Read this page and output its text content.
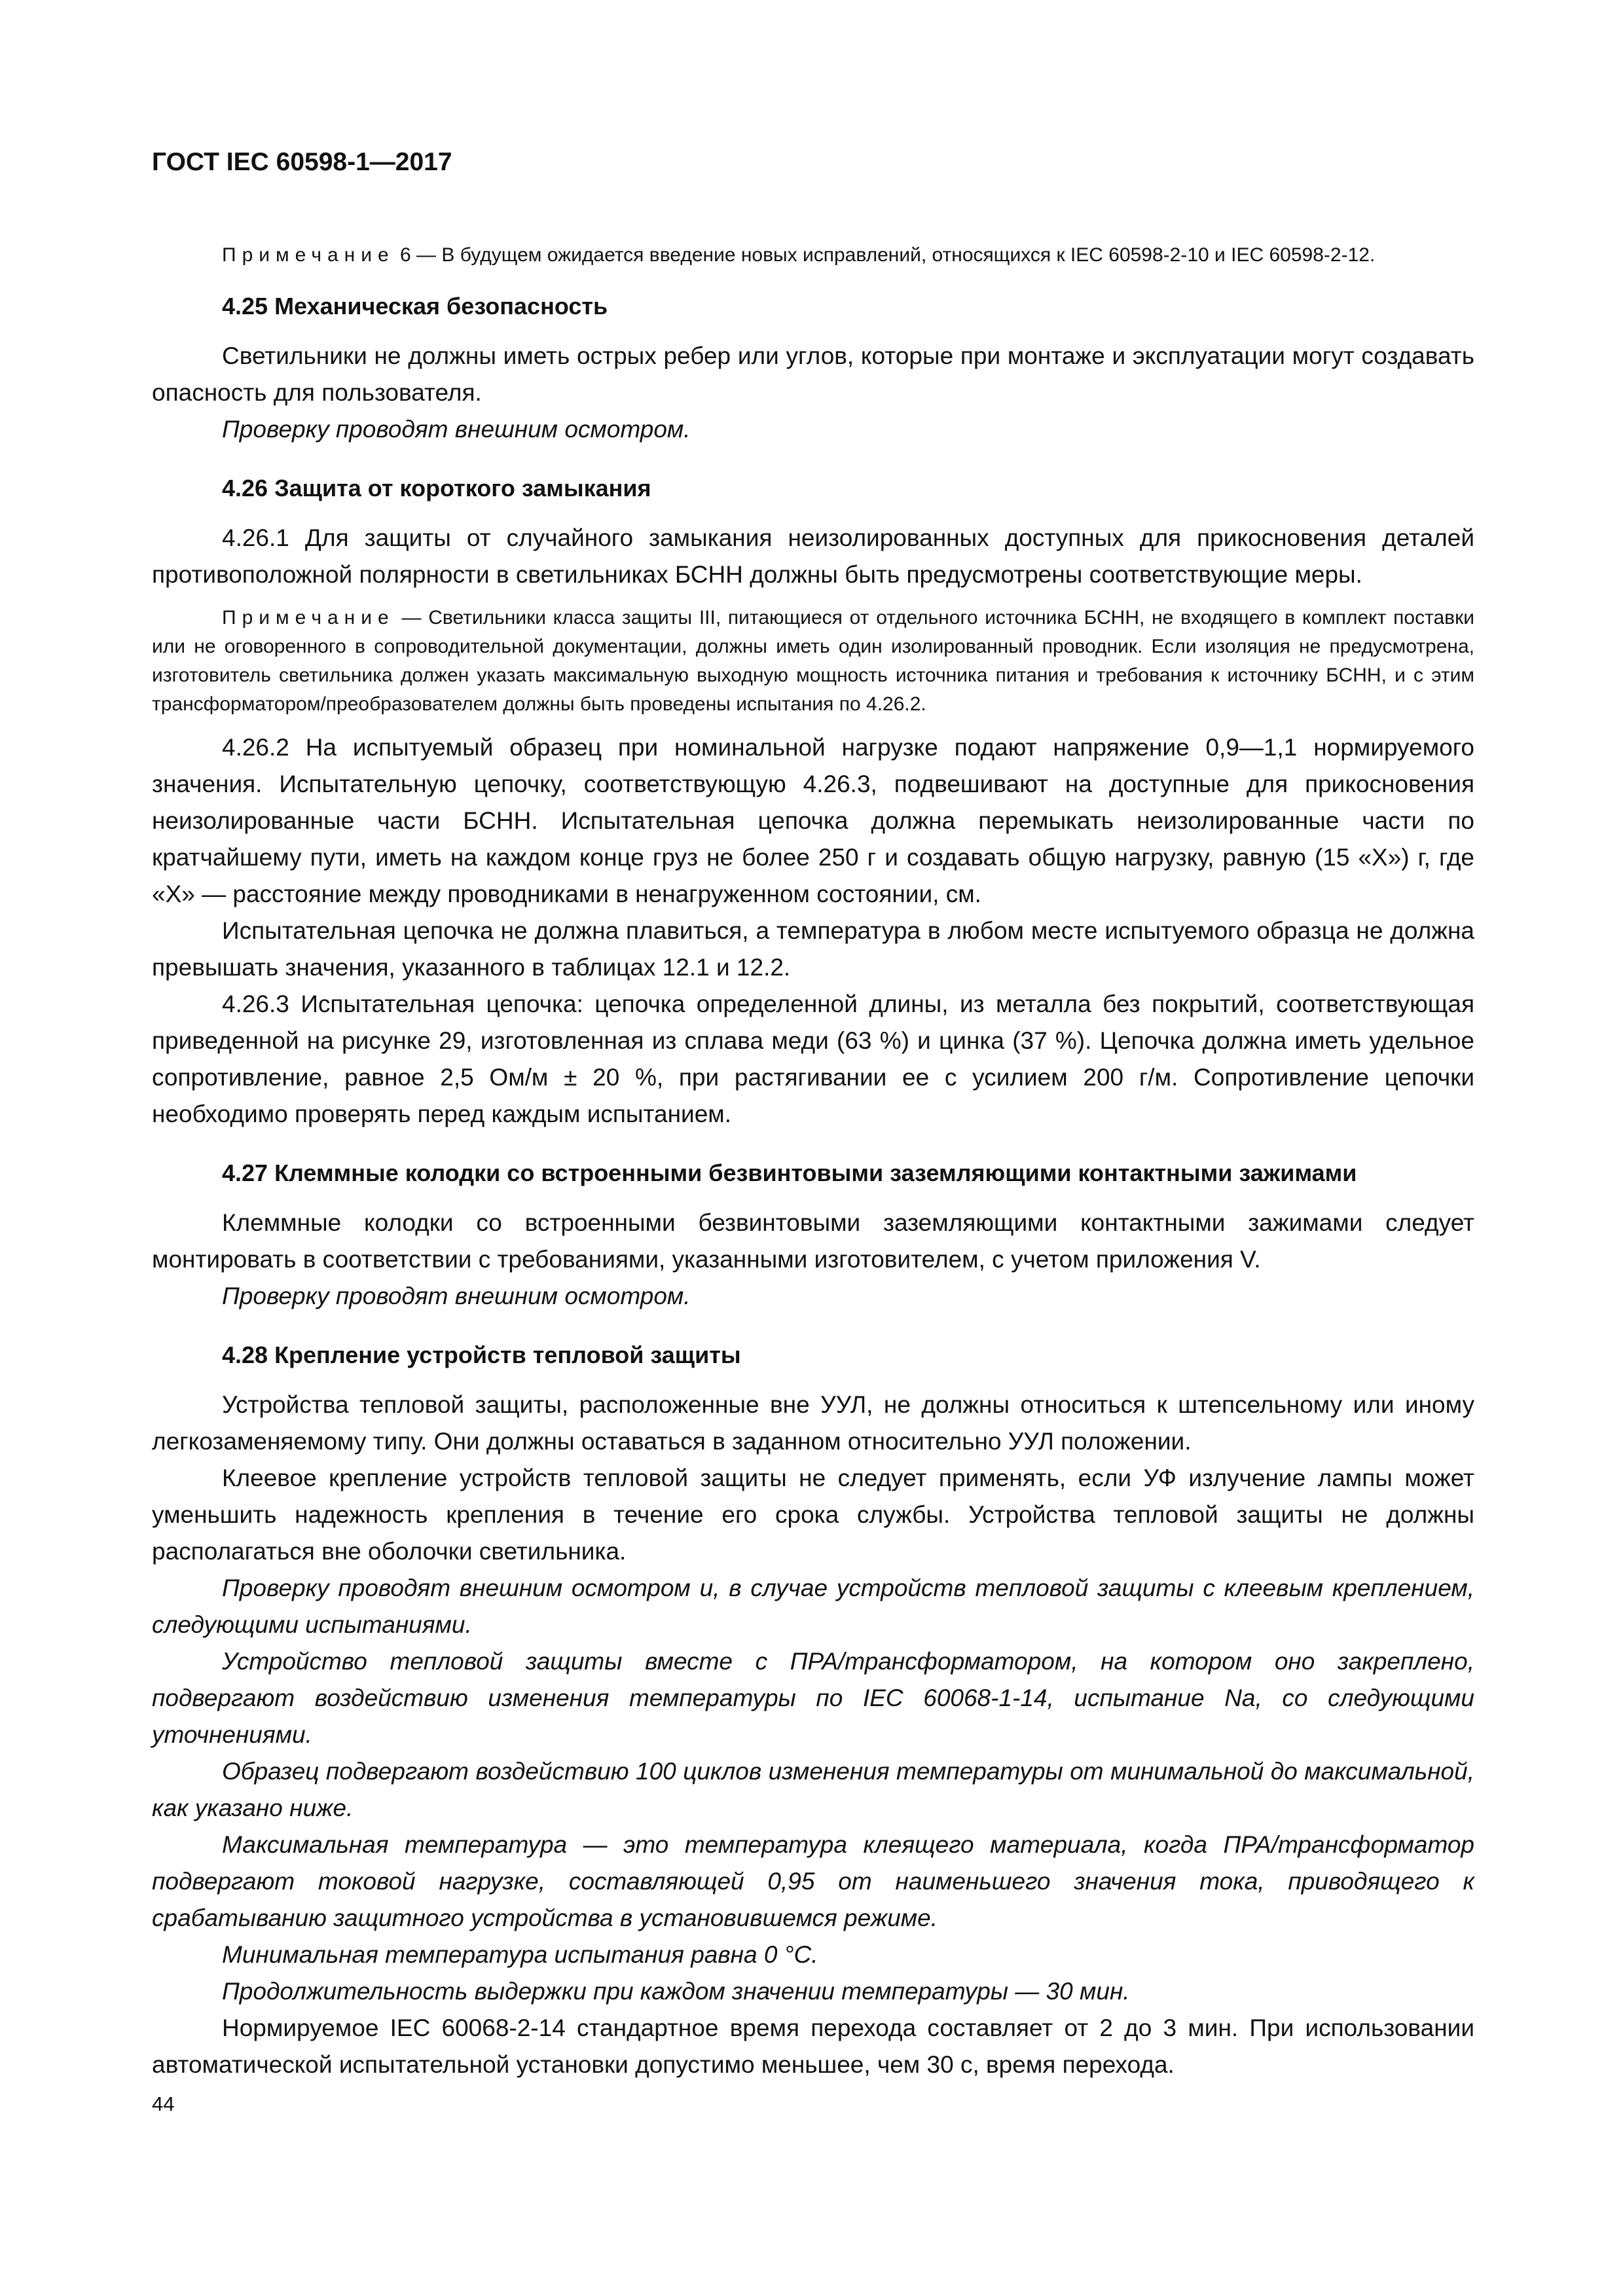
ГОСТ IEC 60598-1—2017

Примечание 6 — В будущем ожидается введение новых исправлений, относящихся к IEC 60598-2-10 и IEC 60598-2-12.

4.25 Механическая безопасность

Светильники не должны иметь острых ребер или углов, которые при монтаже и эксплуатации могут создавать опасность для пользователя.

Проверку проводят внешним осмотром.

4.26 Защита от короткого замыкания

4.26.1 Для защиты от случайного замыкания неизолированных доступных для прикосновения деталей противоположной полярности в светильниках БСНН должны быть предусмотрены соответствующие меры.

Примечание — Светильники класса защиты III, питающиеся от отдельного источника БСНН, не входящего в комплект поставки или не оговоренного в сопроводительной документации, должны иметь один изолированный проводник. Если изоляция не предусмотрена, изготовитель светильника должен указать максимальную выходную мощность источника питания и требования к источнику БСНН, и с этим трансформатором/преобразователем должны быть проведены испытания по 4.26.2.

4.26.2 На испытуемый образец при номинальной нагрузке подают напряжение 0,9—1,1 нормируемого значения. Испытательную цепочку, соответствующую 4.26.3, подвешивают на доступные для прикосновения неизолированные части БСНН. Испытательная цепочка должна перемыкать неизолированные части по кратчайшему пути, иметь на каждом конце груз не более 250 г и создавать общую нагрузку, равную (15 «X») г, где «X» — расстояние между проводниками в ненагруженном состоянии, см.

Испытательная цепочка не должна плавиться, а температура в любом месте испытуемого образца не должна превышать значения, указанного в таблицах 12.1 и 12.2.

4.26.3 Испытательная цепочка: цепочка определенной длины, из металла без покрытий, соответствующая приведенной на рисунке 29, изготовленная из сплава меди (63 %) и цинка (37 %). Цепочка должна иметь удельное сопротивление, равное 2,5 Ом/м ± 20 %, при растягивании ее с усилием 200 г/м. Сопротивление цепочки необходимо проверять перед каждым испытанием.

4.27 Клеммные колодки со встроенными безвинтовыми заземляющими контактными зажимами

Клеммные колодки со встроенными безвинтовыми заземляющими контактными зажимами следует монтировать в соответствии с требованиями, указанными изготовителем, с учетом приложения V.

Проверку проводят внешним осмотром.

4.28 Крепление устройств тепловой защиты

Устройства тепловой защиты, расположенные вне УУЛ, не должны относиться к штепсельному или иному легкозаменяемому типу. Они должны оставаться в заданном относительно УУЛ положении.

Клеевое крепление устройств тепловой защиты не следует применять, если УФ излучение лампы может уменьшить надежность крепления в течение его срока службы. Устройства тепловой защиты не должны располагаться вне оболочки светильника.

Проверку проводят внешним осмотром и, в случае устройств тепловой защиты с клеевым креплением, следующими испытаниями.

Устройство тепловой защиты вместе с ПРА/трансформатором, на котором оно закреплено, подвергают воздействию изменения температуры по IEC 60068-1-14, испытание Na, со следующими уточнениями.

Образец подвергают воздействию 100 циклов изменения температуры от минимальной до максимальной, как указано ниже.

Максимальная температура — это температура клеящего материала, когда ПРА/трансформатор подвергают токовой нагрузке, составляющей 0,95 от наименьшего значения тока, приводящего к срабатыванию защитного устройства в установившемся режиме.

Минимальная температура испытания равна 0 °С.

Продолжительность выдержки при каждом значении температуры — 30 мин.

Нормируемое IEC 60068-2-14 стандартное время перехода составляет от 2 до 3 мин. При использовании автоматической испытательной установки допустимо меньшее, чем 30 с, время перехода.

44
